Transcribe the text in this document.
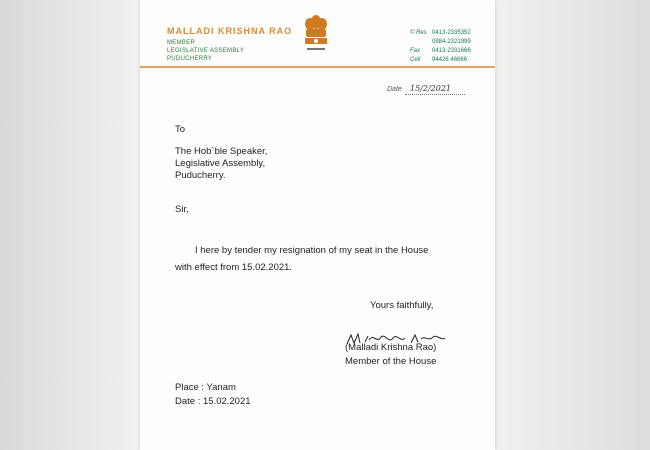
MALLADI KRISHNA RAO
MEMBER
LEGISLATIVE ASSEMBLY
PUDUCHERRY
© Res 0413-2335352
0884-2321999
Fax 0413-2331666
Cell 94426 46666
Date 15/2/2021
To
The Hob`ble Speaker,
Legislative Assembly,
Puducherry.
Sir,
I here by tender my resignation of my seat in the House
with effect from 15.02.2021.
Yours faithfully,
(Malladi Krishna Rao)
Member of the House
Place : Yanam
Date : 15.02.2021
